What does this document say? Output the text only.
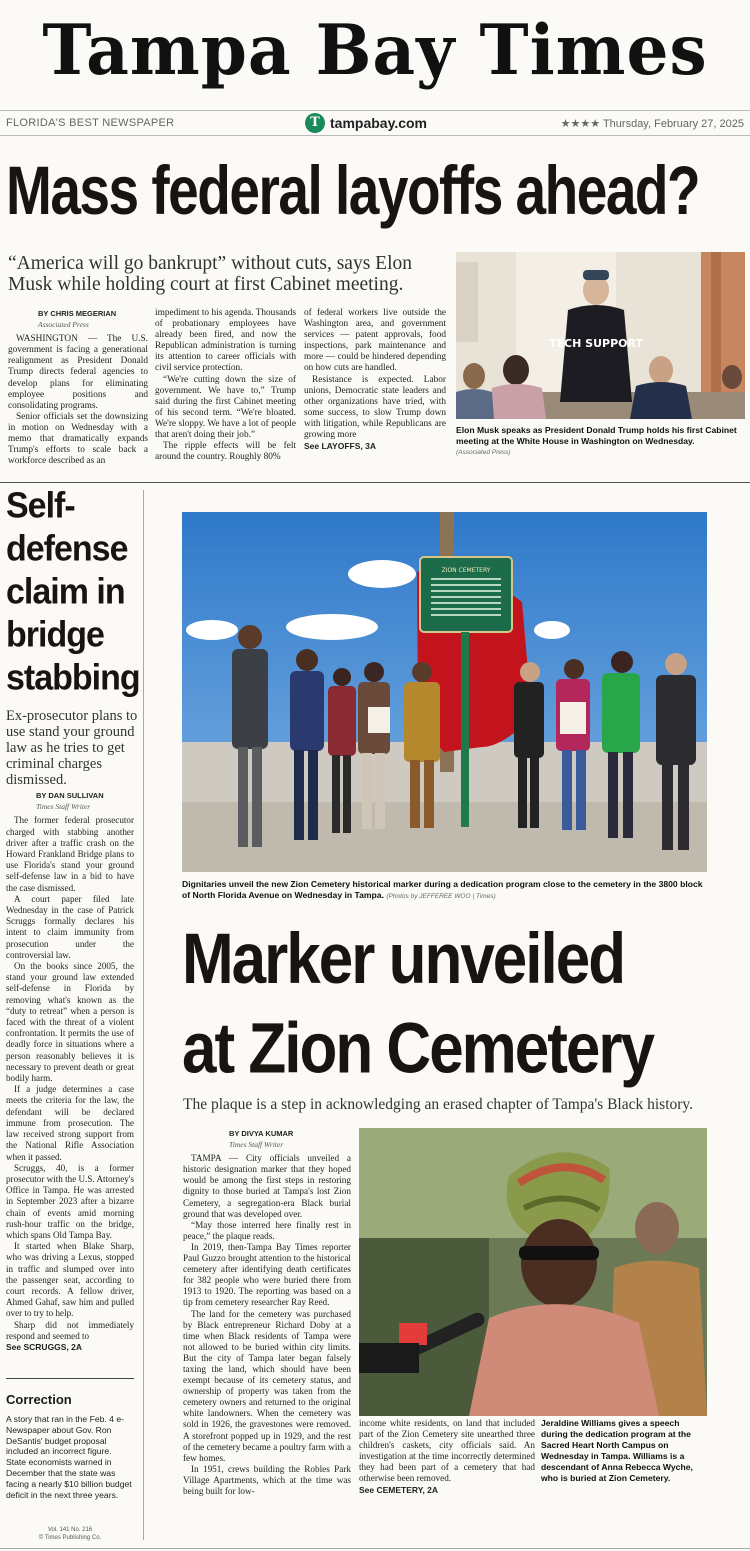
Tampa Bay Times
FLORIDA'S BEST NEWSPAPER	T tampabay.com	★★★★ Thursday, February 27, 2025
Mass federal layoffs ahead?
“America will go bankrupt” without cuts, says Elon Musk while holding court at first Cabinet meeting.
BY CHRIS MEGERIAN
Associated Press

WASHINGTON — The U.S. government is facing a generational realignment as President Donald Trump directs federal agencies to develop plans for eliminating employee positions and consolidating programs.

Senior officials set the downsizing in motion on Wednesday with a memo that dramatically expands Trump's efforts to scale back a workforce described as an

impediment to his agenda. Thousands of probationary employees have already been fired, and now the Republican administration is turning its attention to career officials with civil service protection.

“We're cutting down the size of government. We have to,” Trump said during the first Cabinet meeting of his second term. “We're bloated. We're sloppy. We have a lot of people that aren't doing their job.”

The ripple effects will be felt around the country. Roughly 80%

of federal workers live outside the Washington area, and government services — patent approvals, food inspections, park maintenance and more — could be hindered depending on how cuts are handled.

Resistance is expected. Labor unions, Democratic state leaders and other organizations have tried, with some success, to slow Trump down with litigation, while Republicans are growing more

See LAYOFFS, 3A
TECH SUPPORT
Elon Musk speaks as President Donald Trump holds his first Cabinet meeting at the White House in Washington on Wednesday.
(Associated Press)
Self-defense claim in bridge stabbing
Ex-prosecutor plans to use stand your ground law as he tries to get criminal charges dismissed.
BY DAN SULLIVAN
Times Staff Writer

The former federal prosecutor charged with stabbing another driver after a traffic crash on the Howard Frankland Bridge plans to use Florida's stand your ground self-defense law in a bid to have the case dismissed.

A court paper filed late Wednesday in the case of Patrick Scruggs formally declares his intent to claim immunity from prosecution under the controversial law.

On the books since 2005, the stand your ground law extended self-defense in Florida by removing what's known as the “duty to retreat” when a person is faced with the threat of a violent confrontation. It permits the use of deadly force in situations where a person reasonably believes it is necessary to prevent death or great bodily harm.

If a judge determines a case meets the criteria for the law, the defendant will be declared immune from prosecution. The law received strong support from the National Rifle Association when it passed.

Scruggs, 40, is a former prosecutor with the U.S. Attorney's Office in Tampa. He was arrested in September 2023 after a bizarre chain of events amid morning rush-hour traffic on the bridge, which spans Old Tampa Bay.

It started when Blake Sharp, who was driving a Lexus, stopped in traffic and slumped over into the passenger seat, according to court records. A fellow driver, Ahmed Gahaf, saw him and pulled over to try to help.

Sharp did not immediately respond and seemed to

See SCRUGGS, 2A
Correction
A story that ran in the Feb. 4 e-Newspaper about Gov. Ron DeSantis' budget proposal included an incorrect figure. State economists warned in December that the state was facing a nearly $10 billion budget deficit in the next three years.
Vol. 141 No. 216
© Times Publishing Co.
ZION CEMETERY
Dignitaries unveil the new Zion Cemetery historical marker during a dedication program close to the cemetery in the 3800 block of North Florida Avenue on Wednesday in Tampa. (Photos by JEFFEREE WOO | Times)
Marker unveiled
at Zion Cemetery
The plaque is a step in acknowledging an erased chapter of Tampa's Black history.
BY DIVYA KUMAR
Times Staff Writer

TAMPA — City officials unveiled a historic designation marker that they hoped would be among the first steps in restoring dignity to those buried at Tampa's lost Zion Cemetery, a segregation-era Black burial ground that was developed over.

“May those interred here finally rest in peace,” the plaque reads.

In 2019, then-Tampa Bay Times reporter Paul Guzzo brought attention to the historical cemetery after identifying death certificates for 382 people who were buried there from 1913 to 1920. The reporting was based on a tip from cemetery researcher Ray Reed.

The land for the cemetery was purchased by Black entrepreneur Richard Doby at a time when Black residents of Tampa were not allowed to be buried within city limits. But the city of Tampa later began falsely taxing the land, which should have been exempt because of its cemetery status, and ownership of property was taken from the cemetery owners and returned to the original white landowners. When the cemetery was sold in 1926, the gravestones were removed. A storefront popped up in 1929, and the rest of the cemetery became a poultry farm with a few homes.

In 1951, crews building the Robles Park Village Apartments, which at the time was being built for low-

income white residents, on land that included part of the Zion Cemetery site unearthed three children's caskets, city officials said. An investigation at the time incorrectly determined they had been part of a cemetery that had otherwise been removed.

See CEMETERY, 2A
Jeraldine Williams gives a speech during the dedication program at the Sacred Heart North Campus on Wednesday in Tampa. Williams is a descendant of Anna Rebecca Wyche, who is buried at Zion Cemetery.
